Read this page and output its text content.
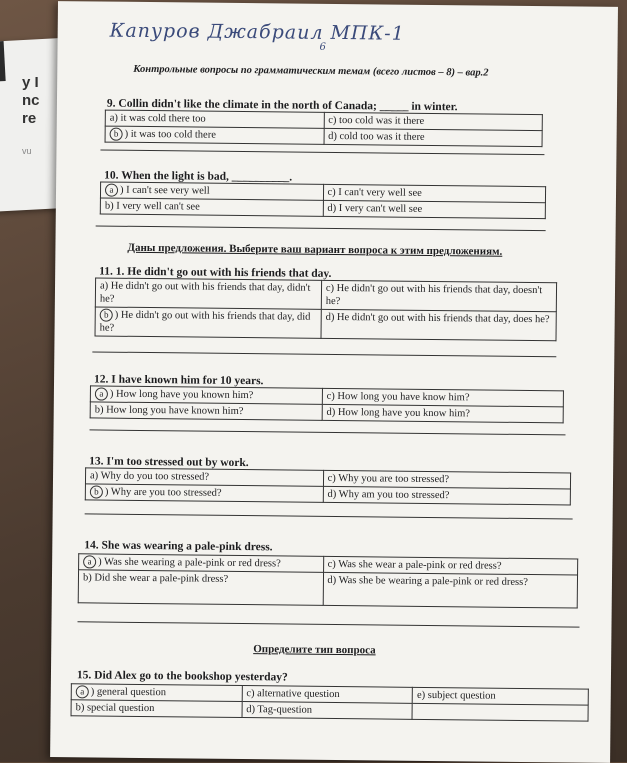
y I
nc
re
vu
Капуров Джабраил МПК-1
6
Контрольные вопросы по грамматическим темам (всего листов – 8) – вар.2
9. Collin didn't like the climate in the north of Canada; _____ in winter.
a) it was cold there too	c) too cold was it there
b ) it was too cold there	d) cold too was it there
10. When the light is bad, __________.
a ) I can't see very well	c) I can't very well see
b) I very well can't see	d) I very can't well see
Даны предложения. Выберите ваш вариант вопроса к этим предложениям.
11. 1. He didn't go out with his friends that day.
a) He didn't go out with his friends that day, didn't he?	c) He didn't go out with his friends that day, doesn't he?
b ) He didn't go out with his friends that day, did he?	d) He didn't go out with his friends that day, does he?
12. I have known him for 10 years.
a ) How long have you known him?	c) How long you have know him?
b) How long you have known him?	d) How long have you know him?
13. I'm too stressed out by work.
a) Why do you too stressed?	c) Why you are too stressed?
b ) Why are you too stressed?	d) Why am you too stressed?
14. She was wearing a pale-pink dress.
a ) Was she wearing a pale-pink or red dress?	c) Was she wear a pale-pink or red dress?
b) Did she wear a pale-pink dress?	d) Was she be wearing a pale-pink or red dress?
Определите тип вопроса
15. Did Alex go to the bookshop yesterday?
a ) general question	c) alternative question	e) subject question
b) special question	d) Tag-question	
